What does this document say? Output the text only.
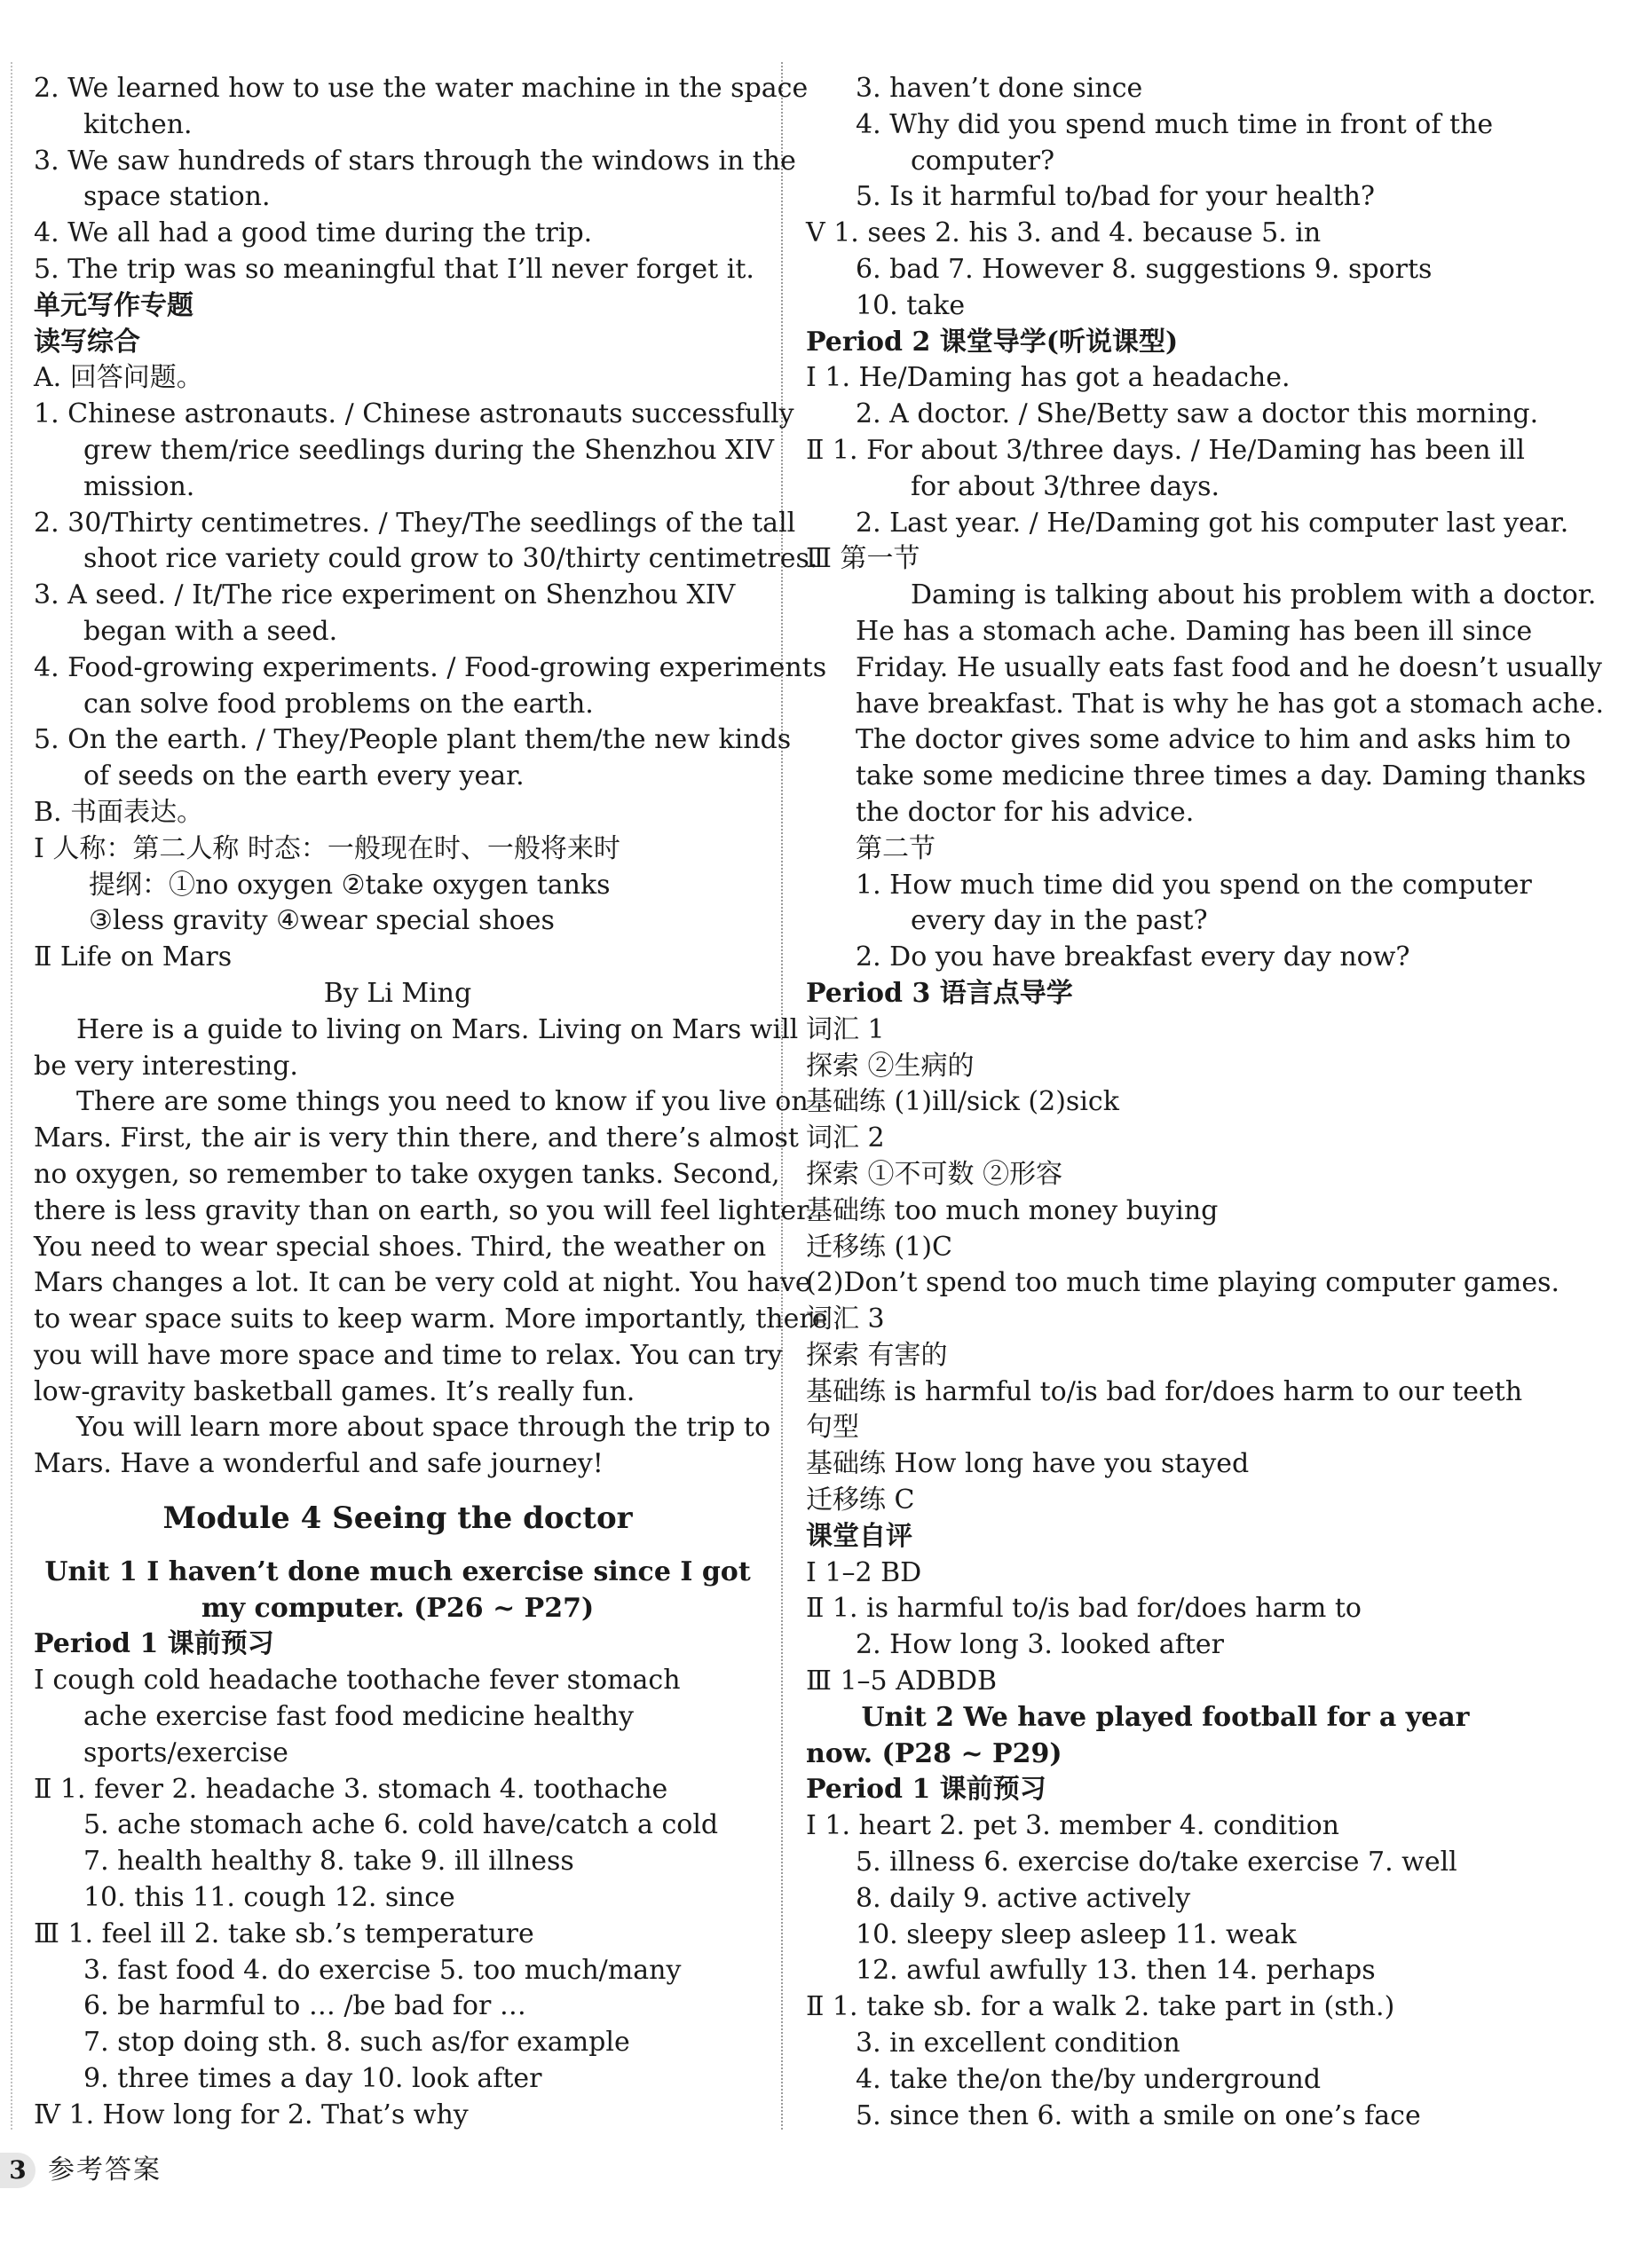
2. We learned how to use the water machine in the space
kitchen.
3. We saw hundreds of stars through the windows in the
space station.
4. We all had a good time during the trip.
5. The trip was so meaningful that I’ll never forget it.
单元写作专题
读写综合
A. 回答问题。
1. Chinese astronauts. / Chinese astronauts successfully
grew them/rice seedlings during the Shenzhou XIV
mission.
2. 30/Thirty centimetres. / They/The seedlings of the tall
shoot rice variety could grow to 30/thirty centimetres.
3. A seed. / It/The rice experiment on Shenzhou XIV
began with a seed.
4. Food-growing experiments. / Food-growing experiments
can solve food problems on the earth.
5. On the earth. / They/People plant them/the new kinds
of seeds on the earth every year.
B. 书面表达。
Ⅰ 人称：第二人称 时态：一般现在时、一般将来时
提纲：①no oxygen ②take oxygen tanks
③less gravity ④wear special shoes
Ⅱ Life on Mars
By Li Ming
Here is a guide to living on Mars. Living on Mars will
be very interesting.
There are some things you need to know if you live on
Mars. First, the air is very thin there, and there’s almost
no oxygen, so remember to take oxygen tanks. Second,
there is less gravity than on earth, so you will feel lighter.
You need to wear special shoes. Third, the weather on
Mars changes a lot. It can be very cold at night. You have
to wear space suits to keep warm. More importantly, there
you will have more space and time to relax. You can try
low-gravity basketball games. It’s really fun.
You will learn more about space through the trip to
Mars. Have a wonderful and safe journey!
Module 4 Seeing the doctor
Unit 1 I haven’t done much exercise since I got
my computer. (P26 ~ P27)
Period 1 课前预习
Ⅰ cough cold headache toothache fever stomach
ache exercise fast food medicine healthy
sports/exercise
Ⅱ 1. fever 2. headache 3. stomach 4. toothache
5. ache stomach ache 6. cold have/catch a cold
7. health healthy 8. take 9. ill illness
10. this 11. cough 12. since
Ⅲ 1. feel ill 2. take sb.’s temperature
3. fast food 4. do exercise 5. too much/many
6. be harmful to … /be bad for …
7. stop doing sth. 8. such as/for example
9. three times a day 10. look after
Ⅳ 1. How long for 2. That’s why
3. haven’t done since
4. Why did you spend much time in front of the
computer?
5. Is it harmful to/bad for your health?
Ⅴ 1. sees 2. his 3. and 4. because 5. in
6. bad 7. However 8. suggestions 9. sports
10. take
Period 2 课堂导学(听说课型)
Ⅰ 1. He/Daming has got a headache.
2. A doctor. / She/Betty saw a doctor this morning.
Ⅱ 1. For about 3/three days. / He/Daming has been ill
for about 3/three days.
2. Last year. / He/Daming got his computer last year.
Ⅲ 第一节
Daming is talking about his problem with a doctor.
He has a stomach ache. Daming has been ill since
Friday. He usually eats fast food and he doesn’t usually
have breakfast. That is why he has got a stomach ache.
The doctor gives some advice to him and asks him to
take some medicine three times a day. Daming thanks
the doctor for his advice.
第二节
1. How much time did you spend on the computer
every day in the past?
2. Do you have breakfast every day now?
Period 3 语言点导学
词汇 1
探索 ②生病的
基础练 (1)ill/sick (2)sick
词汇 2
探索 ①不可数 ②形容
基础练 too much money buying
迁移练 (1)C
(2)Don’t spend too much time playing computer games.
词汇 3
探索 有害的
基础练 is harmful to/is bad for/does harm to our teeth
句型
基础练 How long have you stayed
迁移练 C
课堂自评
Ⅰ 1–2 BD
Ⅱ 1. is harmful to/is bad for/does harm to
2. How long 3. looked after
Ⅲ 1–5 ADBDB
Unit 2 We have played football for a year
now. (P28 ~ P29)
Period 1 课前预习
Ⅰ 1. heart 2. pet 3. member 4. condition
5. illness 6. exercise do/take exercise 7. well
8. daily 9. active actively
10. sleepy sleep asleep 11. weak
12. awful awfully 13. then 14. perhaps
Ⅱ 1. take sb. for a walk 2. take part in (sth.)
3. in excellent condition
4. take the/on the/by underground
5. since then 6. with a smile on one’s face
3 参考答案
